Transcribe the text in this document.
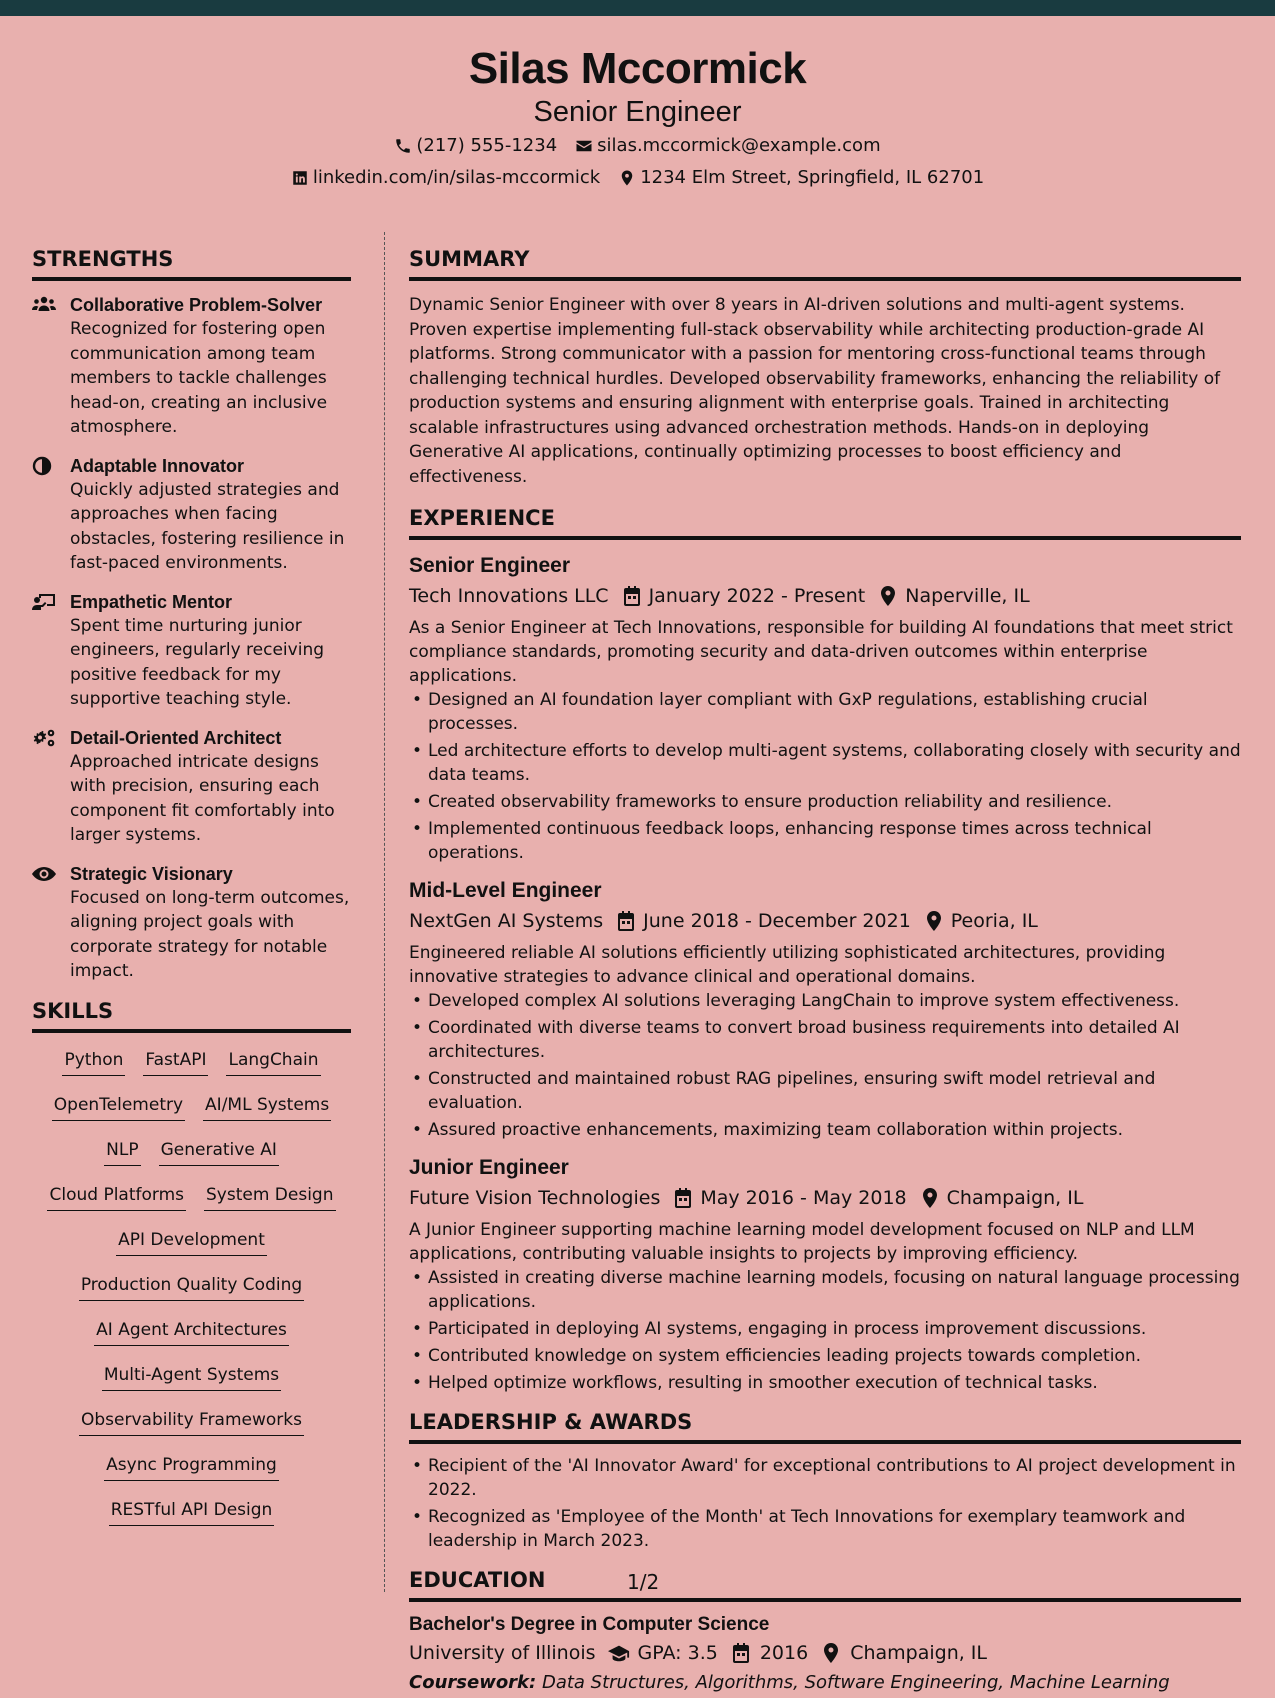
Silas Mccormick
Senior Engineer
(217) 555-1234 silas.mccormick@example.com
linkedin.com/in/silas-mccormick 1234 Elm Street, Springfield, IL 62701
STRENGTHS
Collaborative Problem-Solver
Recognized for fostering open communication among team members to tackle challenges head-on, creating an inclusive atmosphere.
Adaptable Innovator
Quickly adjusted strategies and approaches when facing obstacles, fostering resilience in fast-paced environments.
Empathetic Mentor
Spent time nurturing junior engineers, regularly receiving positive feedback for my supportive teaching style.
Detail-Oriented Architect
Approached intricate designs with precision, ensuring each component fit comfortably into larger systems.
Strategic Visionary
Focused on long-term outcomes, aligning project goals with corporate strategy for notable impact.
SKILLS
Python FastAPI LangChain
OpenTelemetry AI/ML Systems
NLP Generative AI
Cloud Platforms System Design
API Development
Production Quality Coding
AI Agent Architectures
Multi-Agent Systems
Observability Frameworks
Async Programming
RESTful API Design
SUMMARY
Dynamic Senior Engineer with over 8 years in AI-driven solutions and multi-agent systems. Proven expertise implementing full-stack observability while architecting production-grade AI platforms. Strong communicator with a passion for mentoring cross-functional teams through challenging technical hurdles. Developed observability frameworks, enhancing the reliability of production systems and ensuring alignment with enterprise goals. Trained in architecting scalable infrastructures using advanced orchestration methods. Hands-on in deploying Generative AI applications, continually optimizing processes to boost efficiency and effectiveness.
EXPERIENCE
Senior Engineer
Tech Innovations LLC January 2022 - Present Naperville, IL
As a Senior Engineer at Tech Innovations, responsible for building AI foundations that meet strict compliance standards, promoting security and data-driven outcomes within enterprise applications.
• Designed an AI foundation layer compliant with GxP regulations, establishing crucial processes.
• Led architecture efforts to develop multi-agent systems, collaborating closely with security and data teams.
• Created observability frameworks to ensure production reliability and resilience.
• Implemented continuous feedback loops, enhancing response times across technical operations.
Mid-Level Engineer
NextGen AI Systems June 2018 - December 2021 Peoria, IL
Engineered reliable AI solutions efficiently utilizing sophisticated architectures, providing innovative strategies to advance clinical and operational domains.
• Developed complex AI solutions leveraging LangChain to improve system effectiveness.
• Coordinated with diverse teams to convert broad business requirements into detailed AI architectures.
• Constructed and maintained robust RAG pipelines, ensuring swift model retrieval and evaluation.
• Assured proactive enhancements, maximizing team collaboration within projects.
Junior Engineer
Future Vision Technologies May 2016 - May 2018 Champaign, IL
A Junior Engineer supporting machine learning model development focused on NLP and LLM applications, contributing valuable insights to projects by improving efficiency.
• Assisted in creating diverse machine learning models, focusing on natural language processing applications.
• Participated in deploying AI systems, engaging in process improvement discussions.
• Contributed knowledge on system efficiencies leading projects towards completion.
• Helped optimize workflows, resulting in smoother execution of technical tasks.
LEADERSHIP & AWARDS
• Recipient of the 'AI Innovator Award' for exceptional contributions to AI project development in 2022.
• Recognized as 'Employee of the Month' at Tech Innovations for exemplary teamwork and leadership in March 2023.
EDUCATION
Bachelor's Degree in Computer Science
University of Illinois GPA: 3.5 2016 Champaign, IL
Coursework: Data Structures, Algorithms, Software Engineering, Machine Learning
1/2
